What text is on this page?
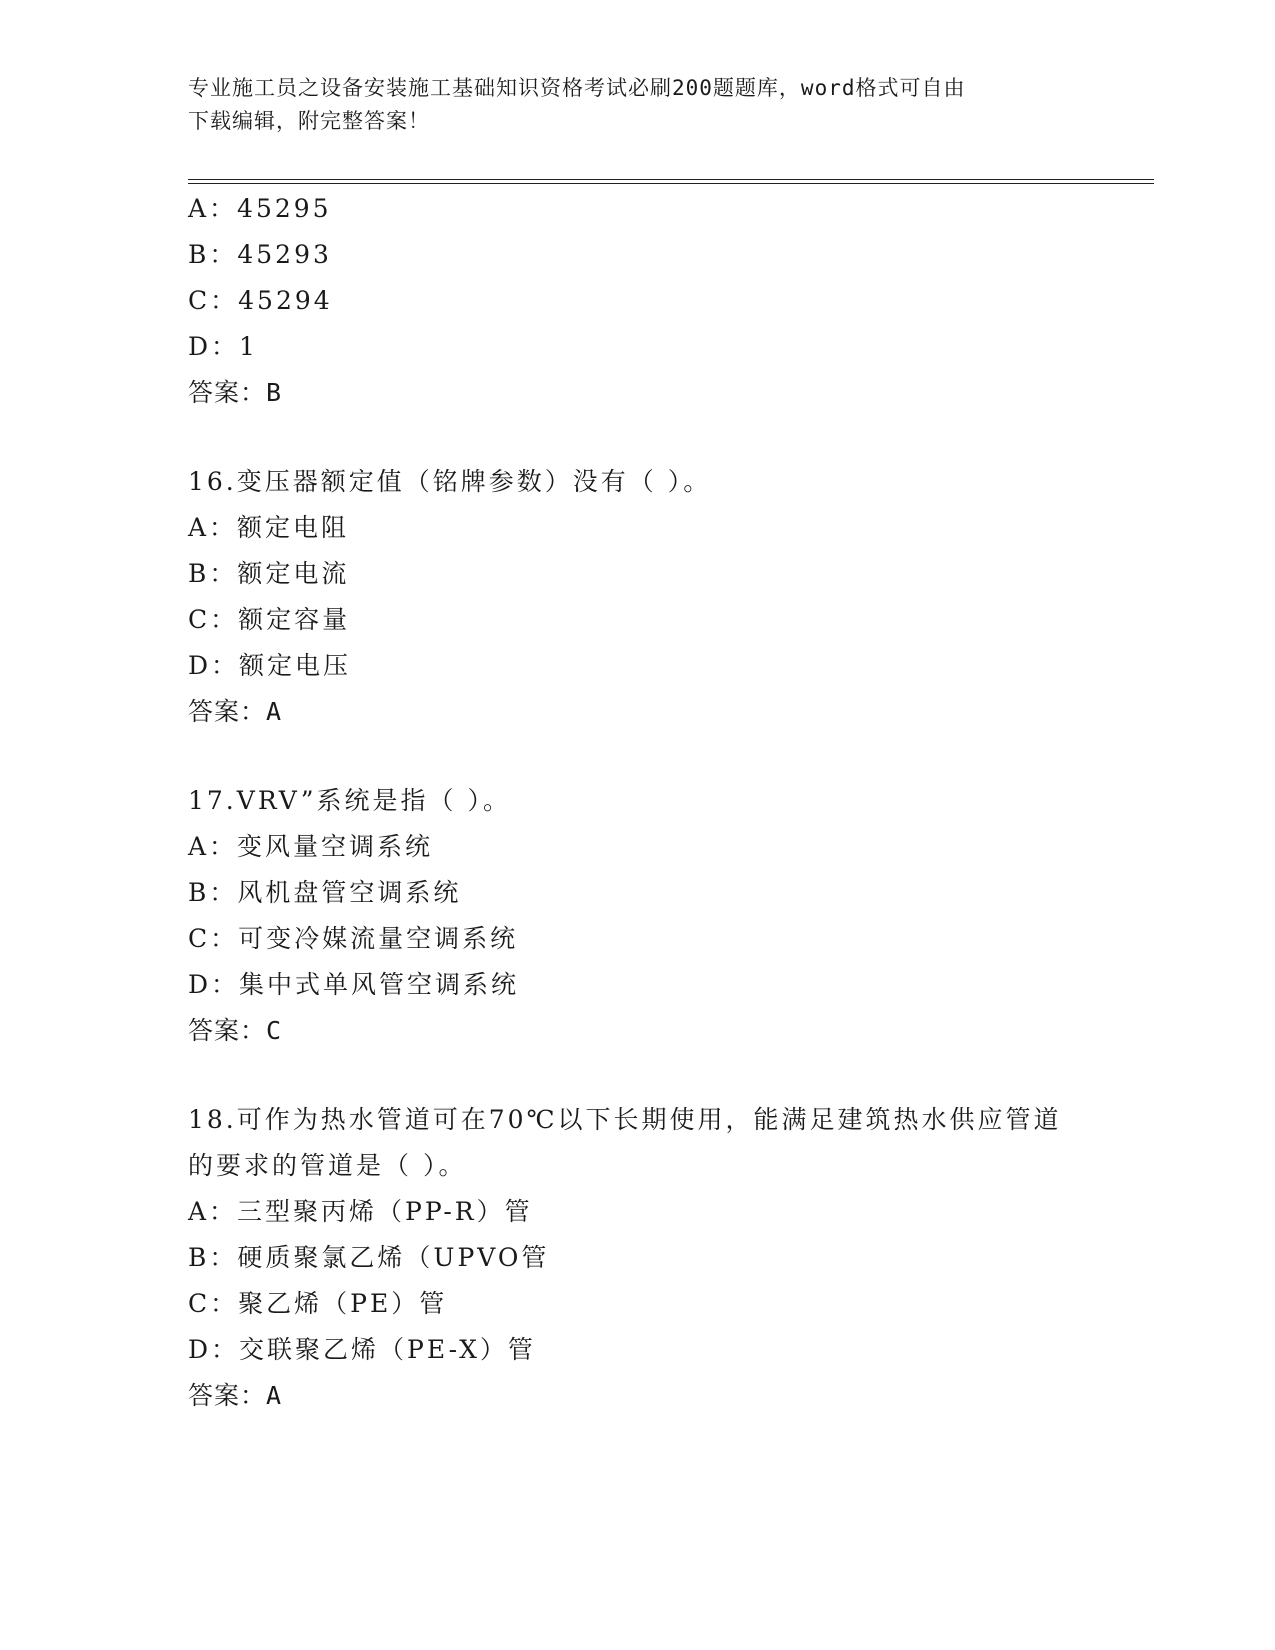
专业施工员之设备安装施工基础知识资格考试必刷200题题库，word格式可自由
下载编辑，附完整答案！
A：45295
B：45293
C：45294
D：1
答案：B
16.变压器额定值（铭牌参数）没有（ ）。
A：额定电阻
B：额定电流
C：额定容量
D：额定电压
答案：A
17.VRV”系统是指（ ）。
A：变风量空调系统
B：风机盘管空调系统
C：可变冷媒流量空调系统
D：集中式单风管空调系统
答案：C
18.可作为热水管道可在70℃以下长期使用，能满足建筑热水供应管道
的要求的管道是（ ）。
A：三型聚丙烯（PP-R）管
B：硬质聚氯乙烯（UPVO管
C：聚乙烯（PE）管
D：交联聚乙烯（PE-X）管
答案：A
